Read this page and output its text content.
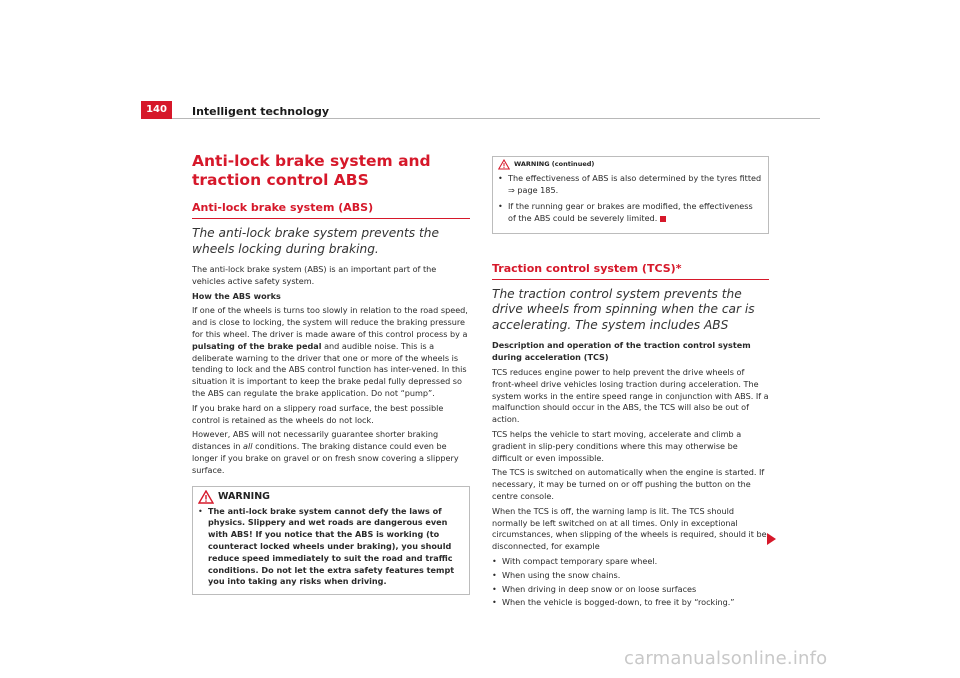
140	Intelligent technology
Anti-lock brake system and traction control ABS
Anti-lock brake system (ABS)
The anti-lock brake system prevents the wheels locking during braking.

The anti-lock brake system (ABS) is an important part of the vehicles active safety system.

How the ABS works

If one of the wheels is turns too slowly in relation to the road speed, and is close to locking, the system will reduce the braking pressure for this wheel. The driver is made aware of this control process by a pulsating of the brake pedal and audible noise. This is a deliberate warning to the driver that one or more of the wheels is tending to lock and the ABS control function has inter-vened. In this situation it is important to keep the brake pedal fully depressed so the ABS can regulate the brake application. Do not “pump”.

If you brake hard on a slippery road surface, the best possible control is retained as the wheels do not lock.

However, ABS will not necessarily guarantee shorter braking distances in all conditions. The braking distance could even be longer if you brake on gravel or on fresh snow covering a slippery surface.

WARNING
• The anti-lock brake system cannot defy the laws of physics. Slippery and wet roads are dangerous even with ABS! If you notice that the ABS is working (to counteract locked wheels under braking), you should reduce speed immediately to suit the road and traffic conditions. Do not let the extra safety features tempt you into taking any risks when driving.

WARNING (continued)
• The effectiveness of ABS is also determined by the tyres fitted
⇒ page 185.

• If the running gear or brakes are modified, the effectiveness of the ABS could be severely limited.

Traction control system (TCS)*
The traction control system prevents the drive wheels from spinning when the car is accelerating. The system includes ABS

Description and operation of the traction control system during acceleration (TCS)

TCS reduces engine power to help prevent the drive wheels of front-wheel drive vehicles losing traction during acceleration. The system works in the entire speed range in conjunction with ABS. If a malfunction should occur in the ABS, the TCS will also be out of action.

TCS helps the vehicle to start moving, accelerate and climb a gradient in slip-pery conditions where this may otherwise be difficult or even impossible.

The TCS is switched on automatically when the engine is started. If necessary, it may be turned on or off pushing the button on the centre console.

When the TCS is off, the warning lamp is lit. The TCS should normally be left switched on at all times. Only in exceptional circumstances, when slipping of the wheels is required, should it be disconnected, for example

• With compact temporary spare wheel.
• When using the snow chains.
• When driving in deep snow or on loose surfaces
• When the vehicle is bogged-down, to free it by “rocking.”
carmanualsonline.info
